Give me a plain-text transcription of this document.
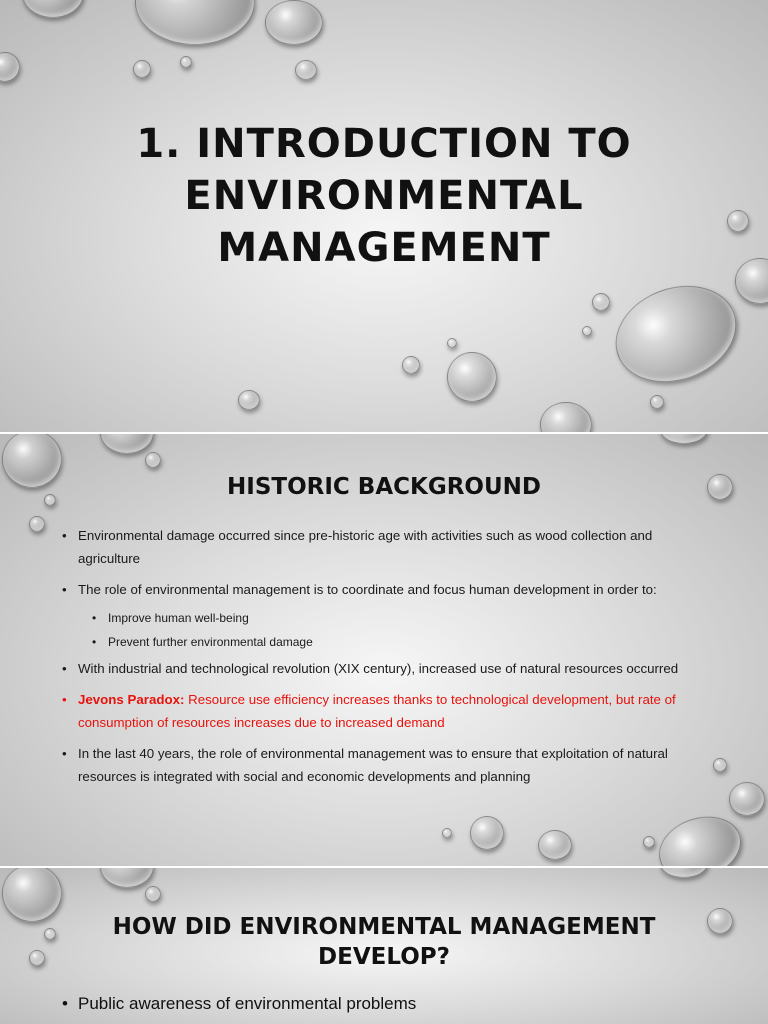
1. INTRODUCTION TO
ENVIRONMENTAL
MANAGEMENT
HISTORIC BACKGROUND
• Environmental damage occurred since pre-historic age with activities such as wood collection and agriculture
• The role of environmental management is to coordinate and focus human development in order to:
• Improve human well-being
• Prevent further environmental damage
• With industrial and technological revolution (XIX century), increased use of natural resources occurred
• Jevons Paradox: Resource use efficiency increases thanks to technological development, but rate of consumption of resources increases due to increased demand
• In the last 40 years, the role of environmental management was to ensure that exploitation of natural resources is integrated with social and economic developments and planning
HOW DID ENVIRONMENTAL MANAGEMENT
DEVELOP?
• Public awareness of environmental problems
